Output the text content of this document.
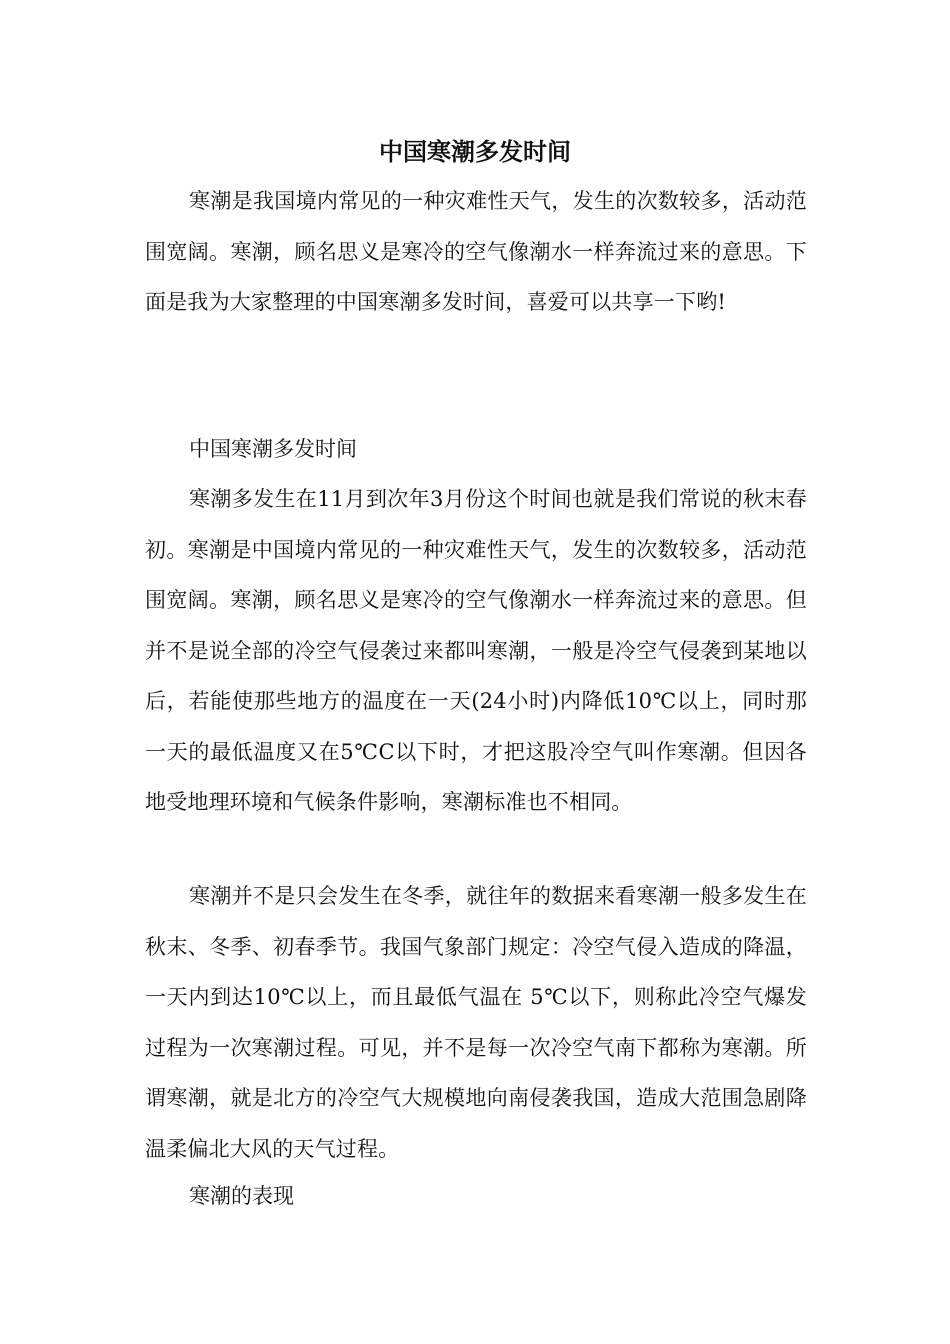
中国寒潮多发时间

寒潮是我国境内常见的一种灾难性天气，发生的次数较多，活动范围宽阔。寒潮，顾名思义是寒冷的空气像潮水一样奔流过来的意思。下面是我为大家整理的中国寒潮多发时间，喜爱可以共享一下哟!

中国寒潮多发时间

寒潮多发生在11月到次年3月份这个时间也就是我们常说的秋末春初。寒潮是中国境内常见的一种灾难性天气，发生的次数较多，活动范围宽阔。寒潮，顾名思义是寒冷的空气像潮水一样奔流过来的意思。但并不是说全部的冷空气侵袭过来都叫寒潮，一般是冷空气侵袭到某地以后，若能使那些地方的温度在一天(24小时)内降低10℃以上，同时那一天的最低温度又在5℃C以下时，才把这股冷空气叫作寒潮。但因各地受地理环境和气候条件影响，寒潮标准也不相同。

寒潮并不是只会发生在冬季，就往年的数据来看寒潮一般多发生在秋末、冬季、初春季节。我国气象部门规定：冷空气侵入造成的降温，一天内到达10℃以上，而且最低气温在 5℃以下，则称此冷空气爆发过程为一次寒潮过程。可见，并不是每一次冷空气南下都称为寒潮。所谓寒潮，就是北方的冷空气大规模地向南侵袭我国，造成大范围急剧降温柔偏北大风的天气过程。

寒潮的表现
